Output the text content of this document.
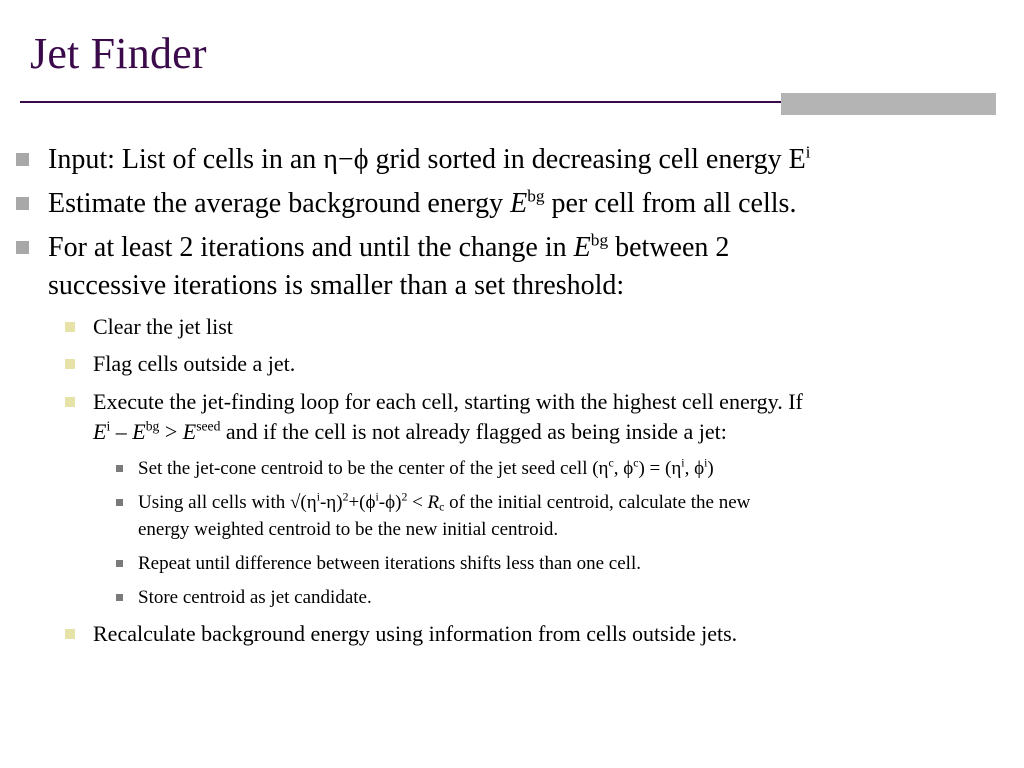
Jet Finder
Input: List of cells in an η−ϕ grid sorted in decreasing cell energy $E^i$
Estimate the average background energy $E^{bg}$ per cell from all cells.
For at least 2 iterations and until the change in $E^{bg}$ between 2
successive iterations is smaller than a set threshold:
Clear the jet list
Flag cells outside a jet.
Execute the jet-finding loop for each cell, starting with the highest cell energy. If
$E^i - E^{bg} > E^{seed}$ and if the cell is not already flagged as being inside a jet:
Set the jet-cone centroid to be the center of the jet seed cell ($\eta^c$, $\phi^c) = (\eta^i$, $\phi^i$)
Using all cells with $√(\eta^i-\eta)^2+(\phi^i-\phi)^2 < R_c$ of the initial centroid, calculate the new
energy weighted centroid to be the new initial centroid.
Repeat until difference between iterations shifts less than one cell.
Store centroid as jet candidate.
Recalculate background energy using information from cells outside jets.
